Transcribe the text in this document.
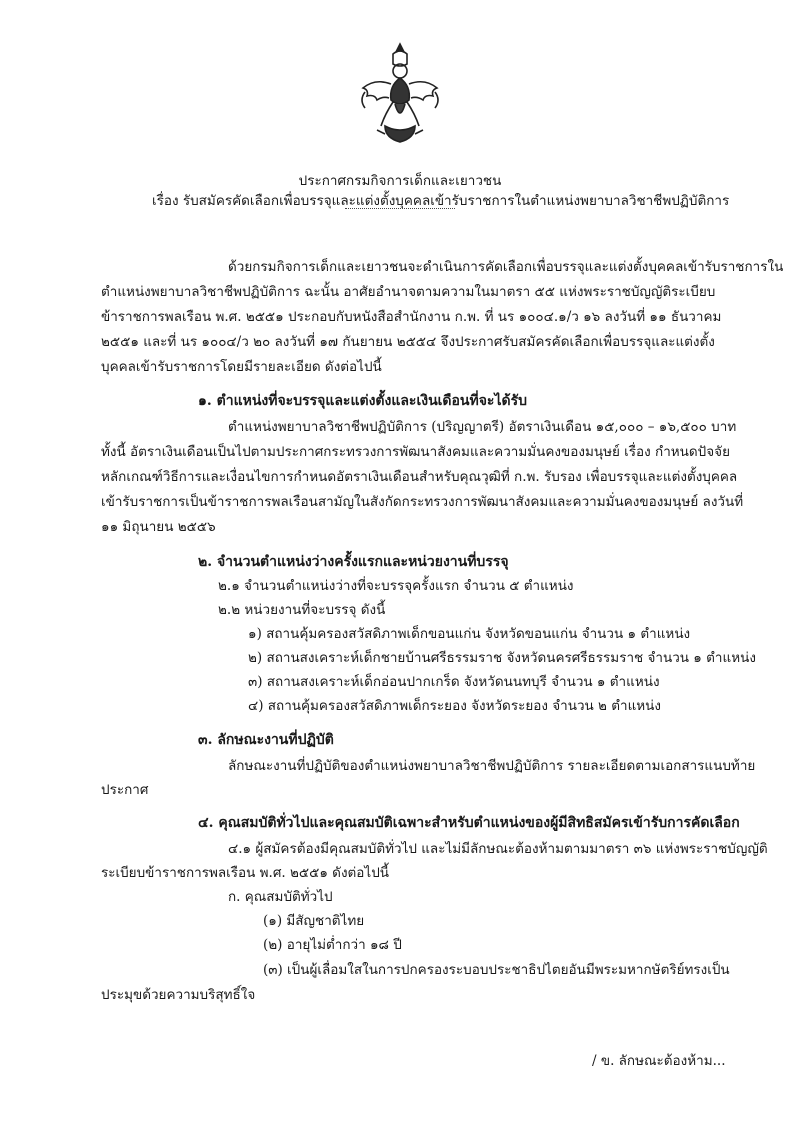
ประกาศกรมกิจการเด็กและเยาวชน
เรื่อง รับสมัครคัดเลือกเพื่อบรรจุและแต่งตั้งบุคคลเข้ารับราชการในตำแหน่งพยาบาลวิชาชีพปฏิบัติการ
ด้วยกรมกิจการเด็กและเยาวชนจะดำเนินการคัดเลือกเพื่อบรรจุและแต่งตั้งบุคคลเข้ารับราชการใน
ตำแหน่งพยาบาลวิชาชีพปฏิบัติการ ฉะนั้น อาศัยอำนาจตามความในมาตรา ๕๕ แห่งพระราชบัญญัติระเบียบ
ข้าราชการพลเรือน พ.ศ. ๒๕๕๑ ประกอบกับหนังสือสำนักงาน ก.พ. ที่ นร ๑๐๐๔.๑/ว ๑๖ ลงวันที่ ๑๑ ธันวาคม
๒๕๕๑ และที่ นร ๑๐๐๔/ว ๒๐ ลงวันที่ ๑๗ กันยายน ๒๕๕๔ จึงประกาศรับสมัครคัดเลือกเพื่อบรรจุและแต่งตั้ง
บุคคลเข้ารับราชการโดยมีรายละเอียด ดังต่อไปนี้
๑. ตำแหน่งที่จะบรรจุและแต่งตั้งและเงินเดือนที่จะได้รับ
ตำแหน่งพยาบาลวิชาชีพปฏิบัติการ (ปริญญาตรี) อัตราเงินเดือน ๑๕,๐๐๐ – ๑๖,๕๐๐ บาท
ทั้งนี้ อัตราเงินเดือนเป็นไปตามประกาศกระทรวงการพัฒนาสังคมและความมั่นคงของมนุษย์ เรื่อง กำหนดปัจจัย
หลักเกณฑ์วิธีการและเงื่อนไขการกำหนดอัตราเงินเดือนสำหรับคุณวุฒิที่ ก.พ. รับรอง เพื่อบรรจุและแต่งตั้งบุคคล
เข้ารับราชการเป็นข้าราชการพลเรือนสามัญในสังกัดกระทรวงการพัฒนาสังคมและความมั่นคงของมนุษย์ ลงวันที่
๑๑ มิถุนายน ๒๕๕๖
๒. จำนวนตำแหน่งว่างครั้งแรกและหน่วยงานที่บรรจุ
๒.๑ จำนวนตำแหน่งว่างที่จะบรรจุครั้งแรก จำนวน ๕ ตำแหน่ง
๒.๒ หน่วยงานที่จะบรรจุ ดังนี้
๑) สถานคุ้มครองสวัสดิภาพเด็กขอนแก่น จังหวัดขอนแก่น จำนวน ๑ ตำแหน่ง
๒) สถานสงเคราะห์เด็กชายบ้านศรีธรรมราช จังหวัดนครศรีธรรมราช จำนวน ๑ ตำแหน่ง
๓) สถานสงเคราะห์เด็กอ่อนปากเกร็ด จังหวัดนนทบุรี จำนวน ๑ ตำแหน่ง
๔) สถานคุ้มครองสวัสดิภาพเด็กระยอง จังหวัดระยอง จำนวน ๒ ตำแหน่ง
๓. ลักษณะงานที่ปฏิบัติ
ลักษณะงานที่ปฏิบัติของตำแหน่งพยาบาลวิชาชีพปฏิบัติการ รายละเอียดตามเอกสารแนบท้าย
ประกาศ
๔. คุณสมบัติทั่วไปและคุณสมบัติเฉพาะสำหรับตำแหน่งของผู้มีสิทธิสมัครเข้ารับการคัดเลือก
๔.๑ ผู้สมัครต้องมีคุณสมบัติทั่วไป และไม่มีลักษณะต้องห้ามตามมาตรา ๓๖ แห่งพระราชบัญญัติ
ระเบียบข้าราชการพลเรือน พ.ศ. ๒๕๕๑ ดังต่อไปนี้
ก. คุณสมบัติทั่วไป
(๑) มีสัญชาติไทย
(๒) อายุไม่ต่ำกว่า ๑๘ ปี
(๓) เป็นผู้เลื่อมใสในการปกครองระบอบประชาธิปไตยอันมีพระมหากษัตริย์ทรงเป็น
ประมุขด้วยความบริสุทธิ์ใจ
/ ข. ลักษณะต้องห้าม...
